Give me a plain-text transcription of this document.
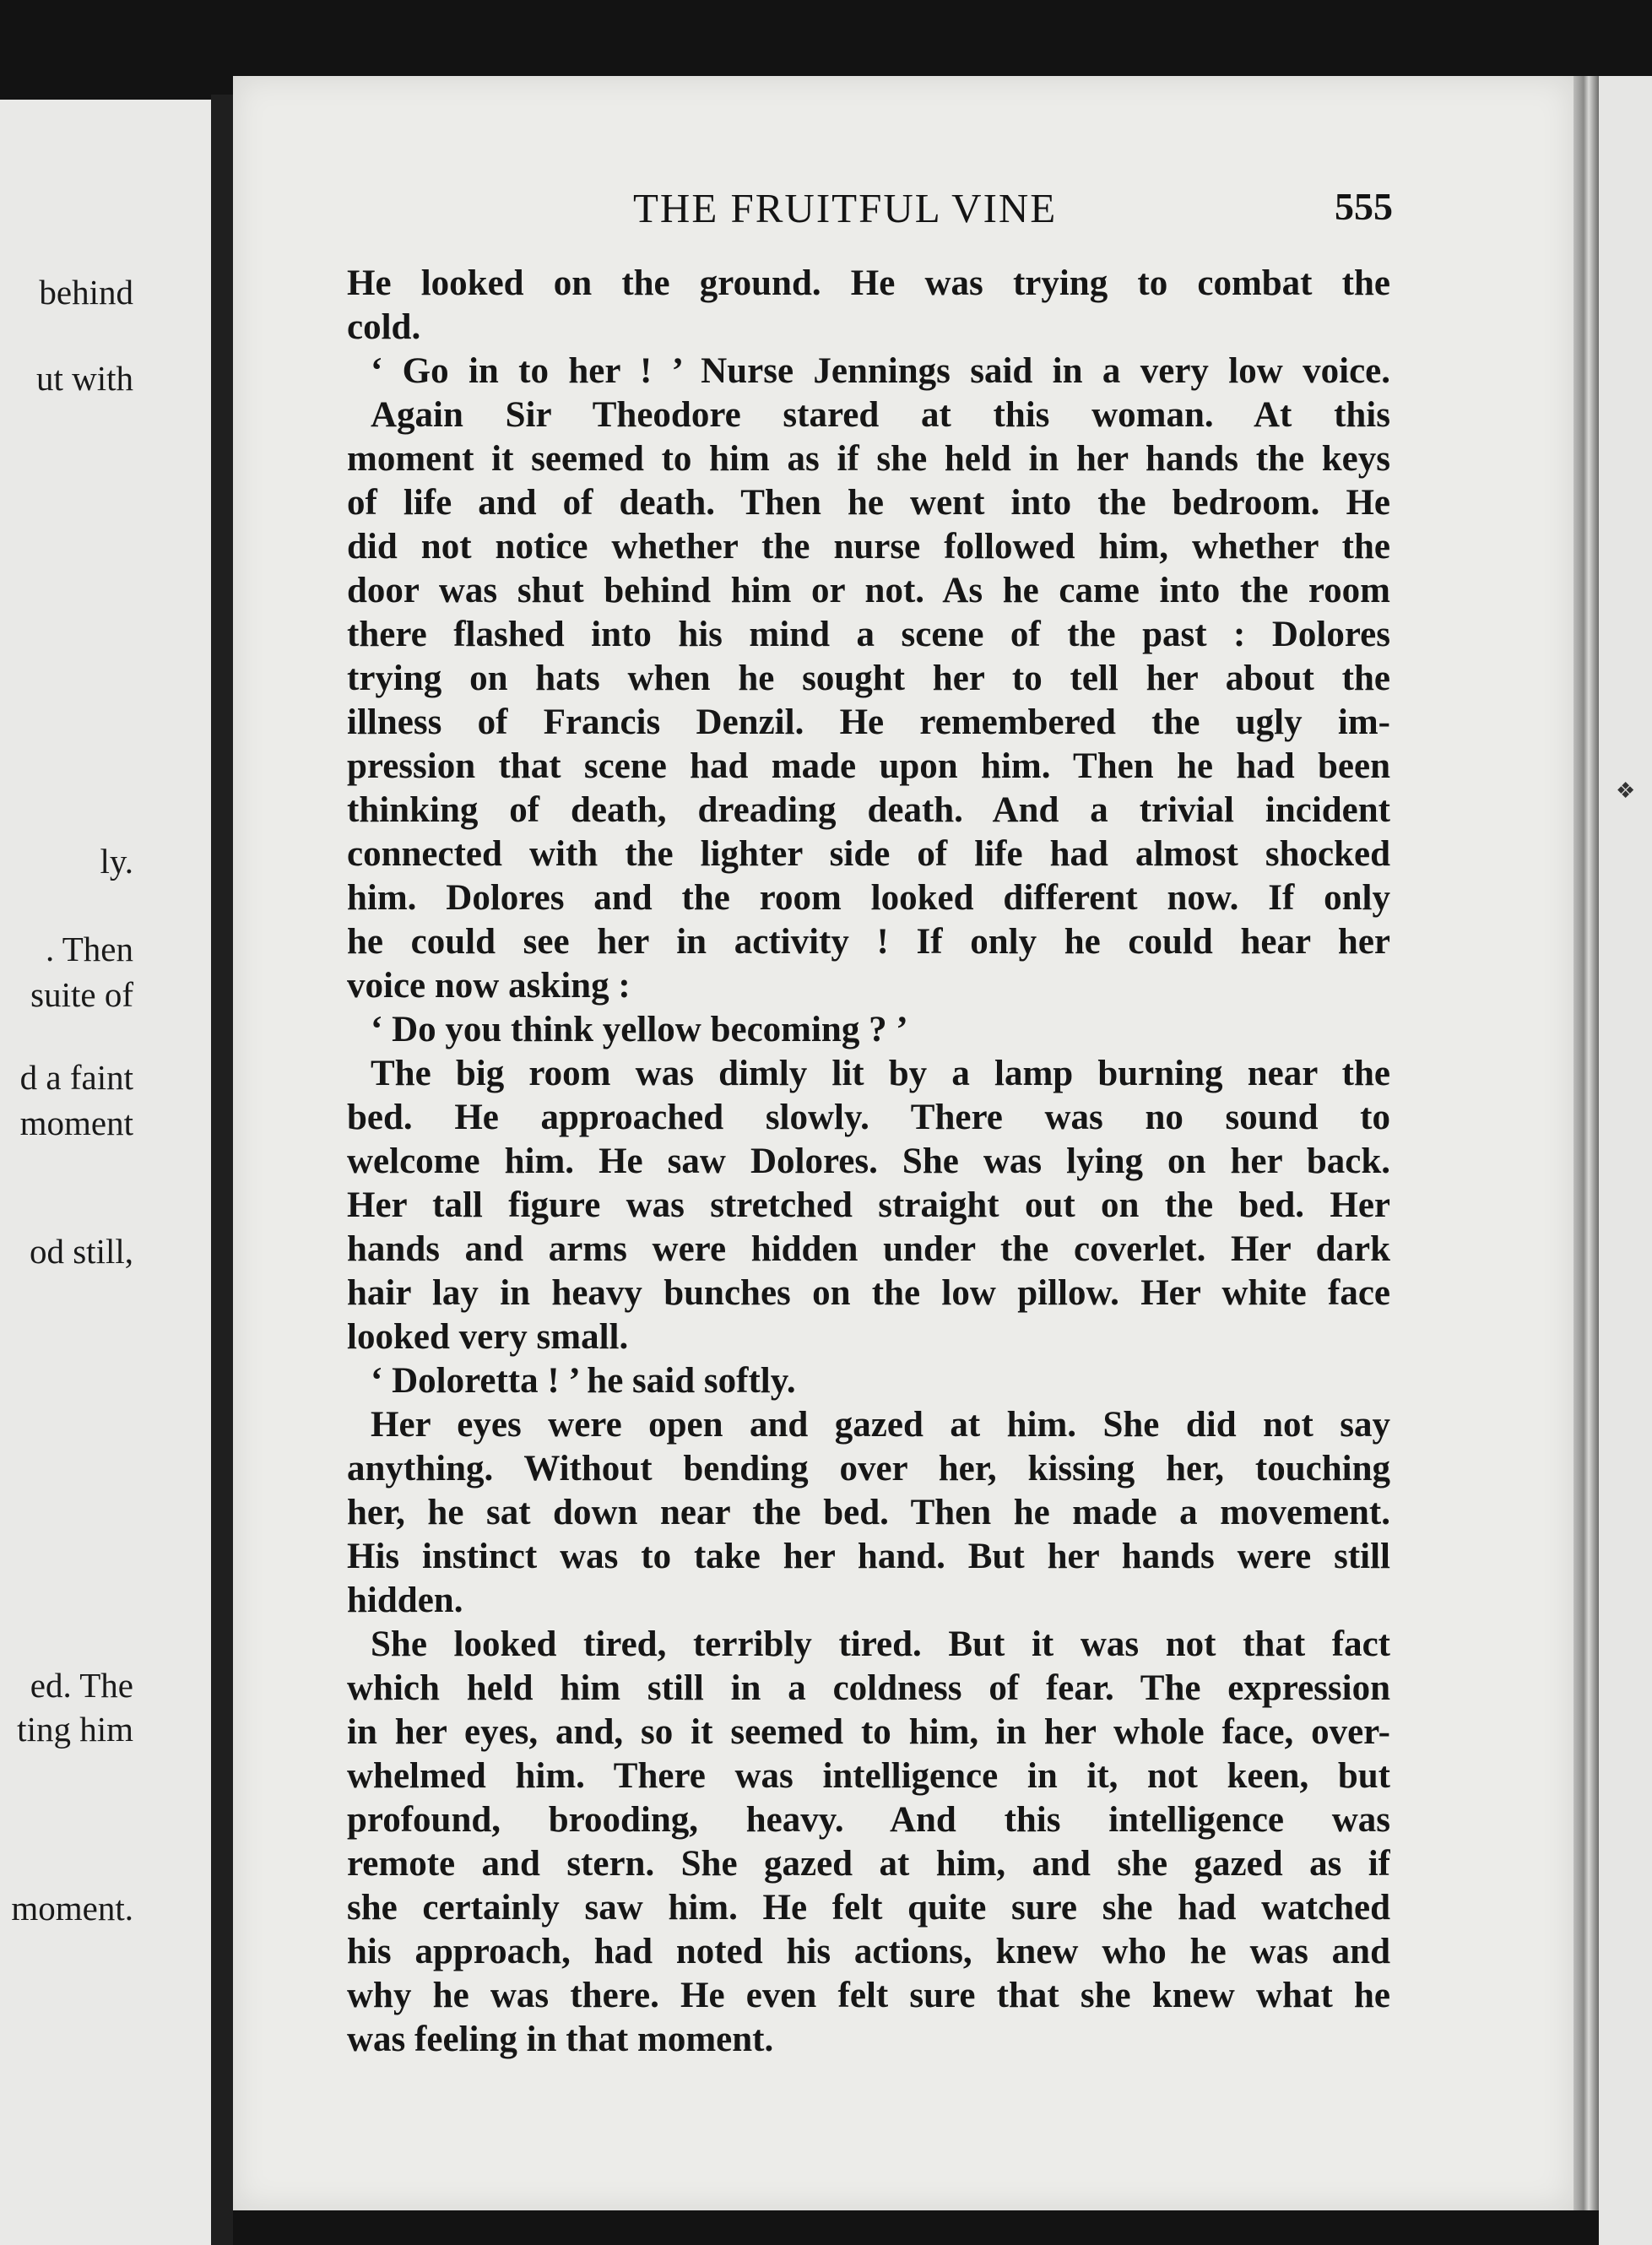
behind
ut with
ly.
. Then
suite of
d a faint
moment
od still,
ed. The
ting him
moment.
❖
THE FRUITFUL VINE	555
He looked on the ground. He was trying to combat the
cold.
‘ Go in to her ! ’ Nurse Jennings said in a very low voice.
Again Sir Theodore stared at this woman. At this
moment it seemed to him as if she held in her hands the keys
of life and of death. Then he went into the bedroom. He
did not notice whether the nurse followed him, whether the
door was shut behind him or not. As he came into the room
there flashed into his mind a scene of the past : Dolores
trying on hats when he sought her to tell her about the
illness of Francis Denzil. He remembered the ugly im-
pression that scene had made upon him. Then he had been
thinking of death, dreading death. And a trivial incident
connected with the lighter side of life had almost shocked
him. Dolores and the room looked different now. If only
he could see her in activity ! If only he could hear her
voice now asking :
‘ Do you think yellow becoming ? ’
The big room was dimly lit by a lamp burning near the
bed. He approached slowly. There was no sound to
welcome him. He saw Dolores. She was lying on her back.
Her tall figure was stretched straight out on the bed. Her
hands and arms were hidden under the coverlet. Her dark
hair lay in heavy bunches on the low pillow. Her white face
looked very small.
‘ Doloretta ! ’ he said softly.
Her eyes were open and gazed at him. She did not say
anything. Without bending over her, kissing her, touching
her, he sat down near the bed. Then he made a movement.
His instinct was to take her hand. But her hands were still
hidden.
She looked tired, terribly tired. But it was not that fact
which held him still in a coldness of fear. The expression
in her eyes, and, so it seemed to him, in her whole face, over-
whelmed him. There was intelligence in it, not keen, but
profound, brooding, heavy. And this intelligence was
remote and stern. She gazed at him, and she gazed as if
she certainly saw him. He felt quite sure she had watched
his approach, had noted his actions, knew who he was and
why he was there. He even felt sure that she knew what he
was feeling in that moment.
